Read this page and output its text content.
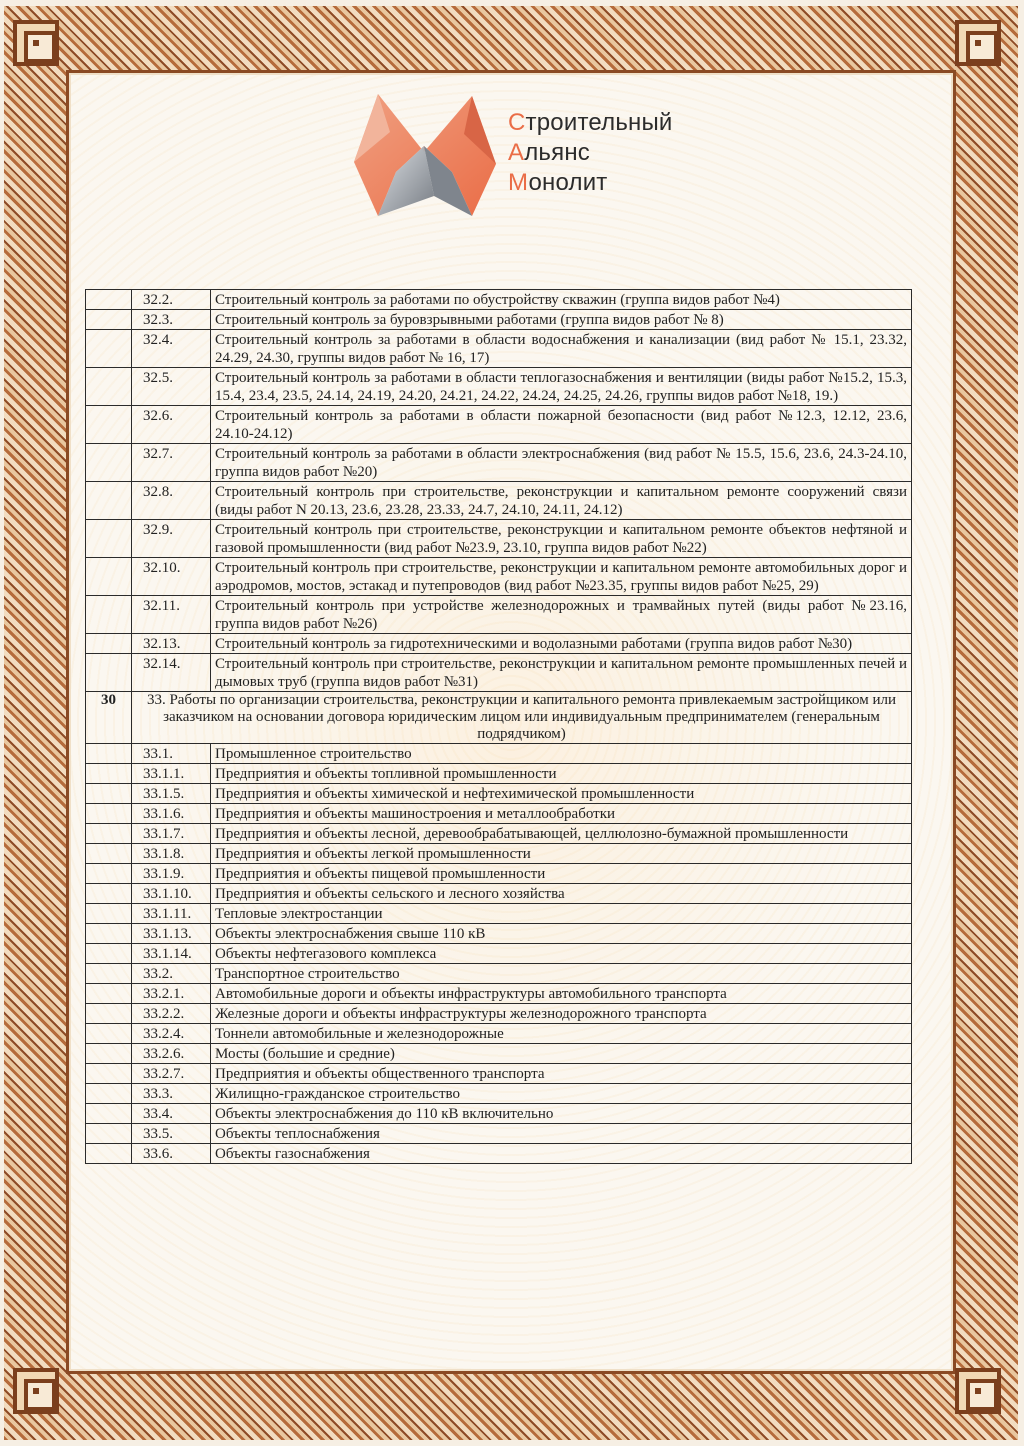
Строительный
Альянс
Монолит
	32.2.	Строительный контроль за работами по обустройству скважин (группа видов работ №4)
	32.3.	Строительный контроль за буровзрывными работами (группа видов работ № 8)
	32.4.	Строительный контроль за работами в области водоснабжения и канализации (вид работ № 15.1, 23.32, 24.29, 24.30, группы видов работ № 16, 17)
	32.5.	Строительный контроль за работами в области теплогазоснабжения и вентиляции (виды работ №15.2, 15.3, 15.4, 23.4, 23.5, 24.14, 24.19, 24.20, 24.21, 24.22, 24.24, 24.25, 24.26, группы видов работ №18, 19.)
	32.6.	Строительный контроль за работами в области пожарной безопасности (вид работ №12.3, 12.12, 23.6, 24.10-24.12)
	32.7.	Строительный контроль за работами в области электроснабжения (вид работ № 15.5, 15.6, 23.6, 24.3-24.10, группа видов работ №20)
	32.8.	Строительный контроль при строительстве, реконструкции и капитальном ремонте сооружений связи (виды работ N 20.13, 23.6, 23.28, 23.33, 24.7, 24.10, 24.11, 24.12)
	32.9.	Строительный контроль при строительстве, реконструкции и капитальном ремонте объектов нефтяной и газовой промышленности (вид работ №23.9, 23.10, группа видов работ №22)
	32.10.	Строительный контроль при строительстве, реконструкции и капитальном ремонте автомобильных дорог и аэродромов, мостов, эстакад и путепроводов (вид работ №23.35, группы видов работ №25, 29)
	32.11.	Строительный контроль при устройстве железнодорожных и трамвайных путей (виды работ №23.16, группа видов работ №26)
	32.13.	Строительный контроль за гидротехническими и водолазными работами (группа видов работ №30)
	32.14.	Строительный контроль при строительстве, реконструкции и капитальном ремонте промышленных печей и дымовых труб (группа видов работ №31)
30	33. Работы по организации строительства, реконструкции и капитального ремонта привлекаемым застройщиком или заказчиком на основании договора юридическим лицом или индивидуальным предпринимателем (генеральным подрядчиком)	
	33.1.	Промышленное строительство
	33.1.1.	Предприятия и объекты топливной промышленности
	33.1.5.	Предприятия и объекты химической и нефтехимической промышленности
	33.1.6.	Предприятия и объекты машиностроения и металлообработки
	33.1.7.	Предприятия и объекты лесной, деревообрабатывающей, целлюлозно-бумажной промышленности
	33.1.8.	Предприятия и объекты легкой промышленности
	33.1.9.	Предприятия и объекты пищевой промышленности
	33.1.10.	Предприятия и объекты сельского и лесного хозяйства
	33.1.11.	Тепловые электростанции
	33.1.13.	Объекты электроснабжения свыше 110 кВ
	33.1.14.	Объекты нефтегазового комплекса
	33.2.	Транспортное строительство
	33.2.1.	Автомобильные дороги и объекты инфраструктуры автомобильного транспорта
	33.2.2.	Железные дороги и объекты инфраструктуры железнодорожного транспорта
	33.2.4.	Тоннели автомобильные и железнодорожные
	33.2.6.	Мосты (большие и средние)
	33.2.7.	Предприятия и объекты общественного транспорта
	33.3.	Жилищно-гражданское строительство
	33.4.	Объекты электроснабжения до 110 кВ включительно
	33.5.	Объекты теплоснабжения
	33.6.	Объекты газоснабжения
